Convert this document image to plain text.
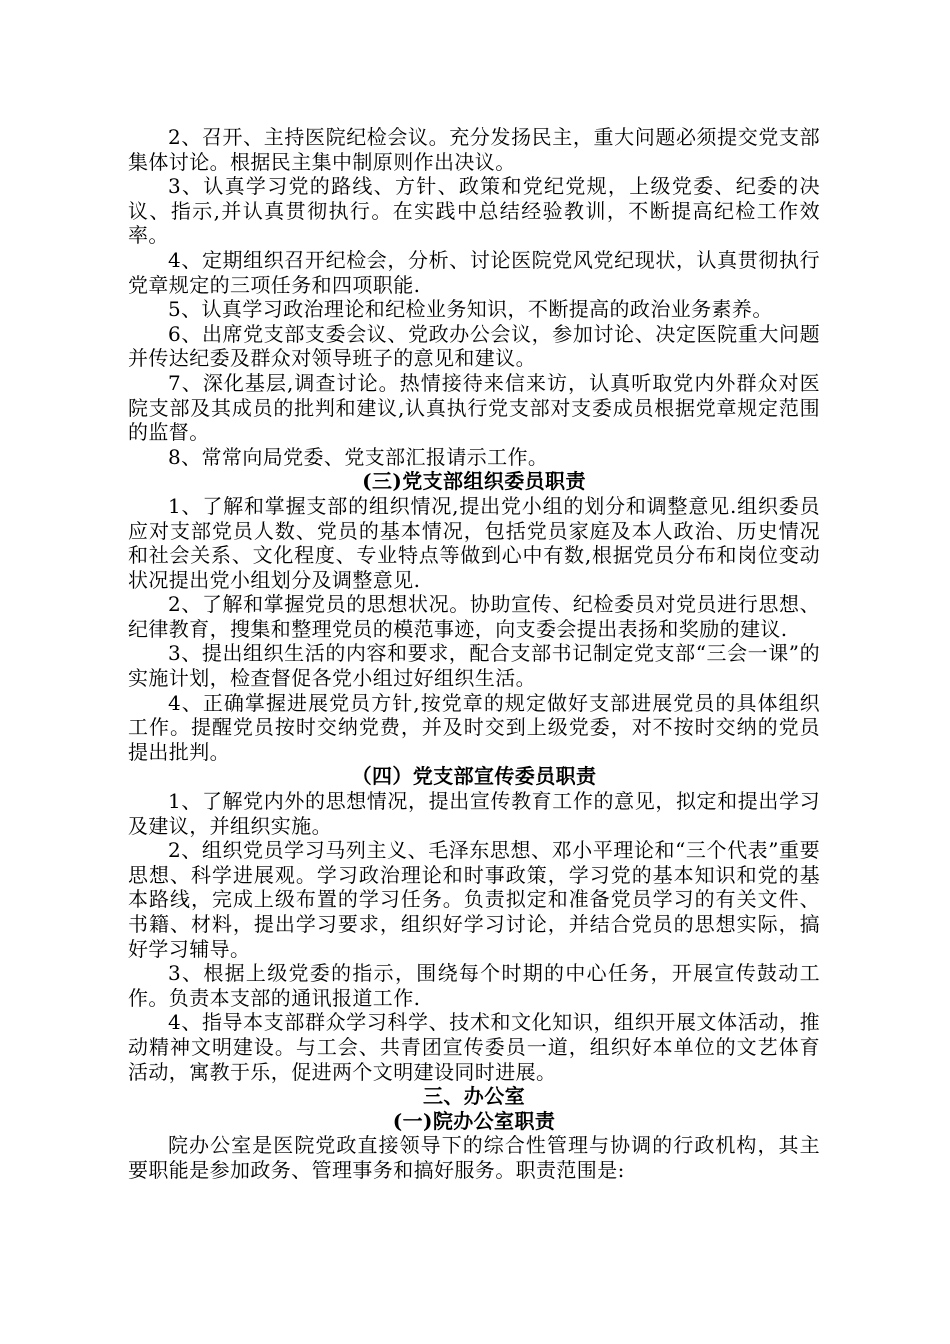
2、召开、主持医院纪检会议。充分发扬民主，重大问题必须提交党支部集体讨论。根据民主集中制原则作出决议。

3、认真学习党的路线、方针、政策和党纪党规，上级党委、纪委的决议、指示,并认真贯彻执行。在实践中总结经验教训，不断提高纪检工作效率。

4、定期组织召开纪检会，分析、讨论医院党风党纪现状，认真贯彻执行党章规定的三项任务和四项职能.

5、认真学习政治理论和纪检业务知识，不断提高的政治业务素养。

6、出席党支部支委会议、党政办公会议，参加讨论、决定医院重大问题并传达纪委及群众对领导班子的意见和建议。

7、深化基层,调查讨论。热情接待来信来访，认真听取党内外群众对医院支部及其成员的批判和建议,认真执行党支部对支委成员根据党章规定范围的监督。

8、常常向局党委、党支部汇报请示工作。

(三)党支部组织委员职责

1、了解和掌握支部的组织情况,提出党小组的划分和调整意见.组织委员应对支部党员人数、党员的基本情况，包括党员家庭及本人政治、历史情况和社会关系、文化程度、专业特点等做到心中有数,根据党员分布和岗位变动状况提出党小组划分及调整意见.

2、了解和掌握党员的思想状况。协助宣传、纪检委员对党员进行思想、纪律教育，搜集和整理党员的模范事迹，向支委会提出表扬和奖励的建议.

3、提出组织生活的内容和要求，配合支部书记制定党支部“三会一课”的实施计划，检查督促各党小组过好组织生活。

4、正确掌握进展党员方针,按党章的规定做好支部进展党员的具体组织工作。提醒党员按时交纳党费，并及时交到上级党委，对不按时交纳的党员提出批判。

（四）党支部宣传委员职责

1、了解党内外的思想情况，提出宣传教育工作的意见，拟定和提出学习及建议，并组织实施。

2、组织党员学习马列主义、毛泽东思想、邓小平理论和“三个代表”重要思想、科学进展观。学习政治理论和时事政策，学习党的基本知识和党的基本路线，完成上级布置的学习任务。负责拟定和准备党员学习的有关文件、书籍、材料，提出学习要求，组织好学习讨论，并结合党员的思想实际，搞好学习辅导。

3、根据上级党委的指示，围绕每个时期的中心任务，开展宣传鼓动工作。负责本支部的通讯报道工作.

4、指导本支部群众学习科学、技术和文化知识，组织开展文体活动，推动精神文明建设。与工会、共青团宣传委员一道，组织好本单位的文艺体育活动，寓教于乐，促进两个文明建设同时进展。

三、办公室

(一)院办公室职责

院办公室是医院党政直接领导下的综合性管理与协调的行政机构，其主要职能是参加政务、管理事务和搞好服务。职责范围是:
